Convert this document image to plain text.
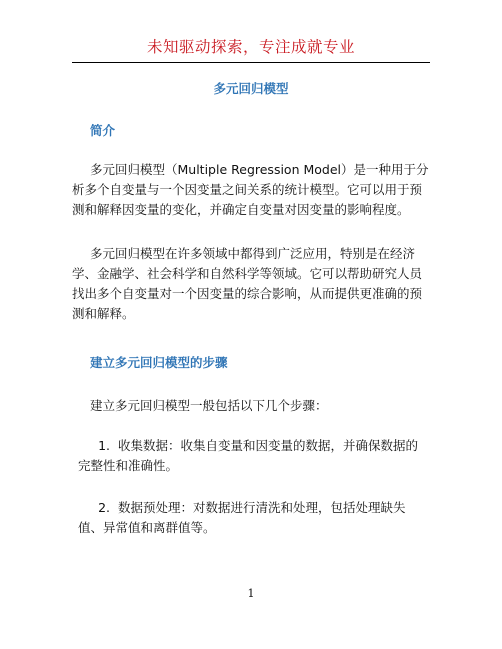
未知驱动探索，专注成就专业
多元回归模型
简介

多元回归模型（Multiple Regression Model）是一种用于分析多个自变量与一个因变量之间关系的统计模型。它可以用于预测和解释因变量的变化，并确定自变量对因变量的影响程度。

多元回归模型在许多领域中都得到广泛应用，特别是在经济学、金融学、社会科学和自然科学等领域。它可以帮助研究人员找出多个自变量对一个因变量的综合影响，从而提供更准确的预测和解释。

建立多元回归模型的步骤

建立多元回归模型一般包括以下几个步骤：

1. 收集数据：收集自变量和因变量的数据，并确保数据的完整性和准确性。

2. 数据预处理：对数据进行清洗和处理，包括处理缺失值、异常值和离群值等。

1
